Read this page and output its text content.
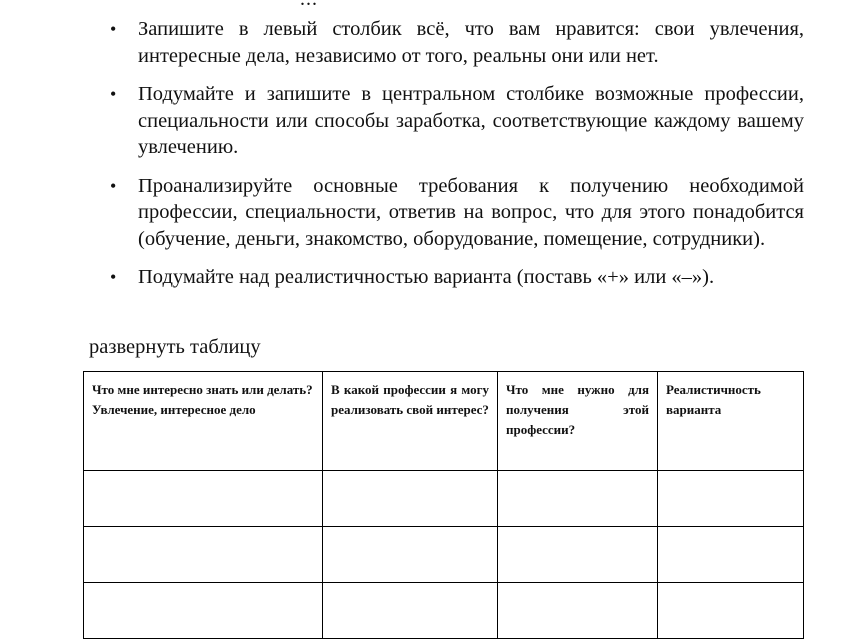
• Запишите в левый столбик всё, что вам нравится: свои увлечения, интересные дела, независимо от того, реальны они или нет.
• Подумайте и запишите в центральном столбике возможные профессии, специальности или способы заработка, соответствующие каждому вашему увлечению.
• Проанализируйте основные требования к получению необходимой профессии, специальности, ответив на вопрос, что для этого понадобится (обучение, деньги, знакомство, оборудование, помещение, сотрудники).
• Подумайте над реалистичностью варианта (поставь «+» или «–»).
развернуть таблицу
Что мне интересно знать или делать?
Увлечение, интересное дело	В какой профессии я могу реализовать свой интерес?	Что мне нужно для получения этой профессии?	Реалистичность варианта
